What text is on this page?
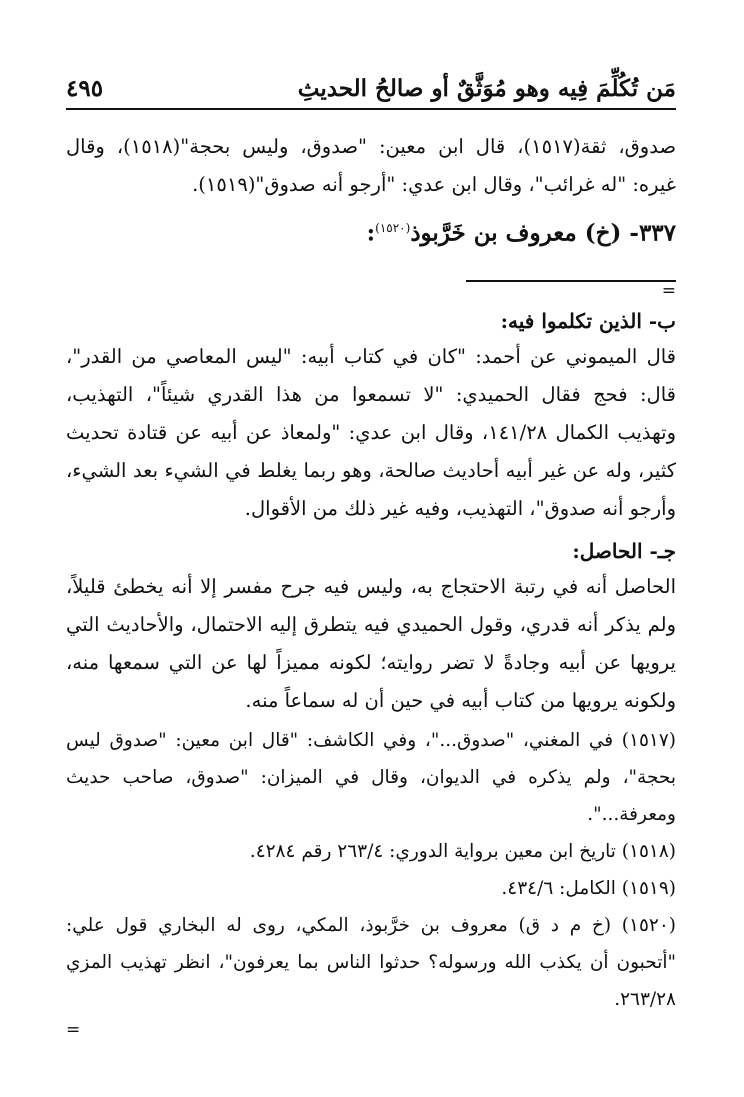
مَن تُكُلِّمَ فِيه وهو مُوَثَّقٌ أو صالحُ الحديثِ
٤٩٥

صدوق، ثقة(١٥١٧)، قال ابن معين: "صدوق، وليس بحجة"(١٥١٨)، وقال غيره: "له غرائب"، وقال ابن عدي: "أرجو أنه صدوق"(١٥١٩).

٣٣٧- (خ) معروف بن خَرَّبوذ$^{(١٥٢٠)}$:

=

ب- الذين تكلموا فيه:

قال الميموني عن أحمد: "كان في كتاب أبيه: "ليس المعاصي من القدر"، قال: فحج فقال الحميدي: "لا تسمعوا من هذا القدري شيئاً"، التهذيب، وتهذيب الكمال ١٤١/٢٨، وقال ابن عدي: "ولمعاذ عن أبيه عن قتادة تحديث كثير، وله عن غير أبيه أحاديث صالحة، وهو ربما يغلط في الشيء بعد الشيء، وأرجو أنه صدوق"، التهذيب، وفيه غير ذلك من الأقوال.

جـ- الحاصل:

الحاصل أنه في رتبة الاحتجاج به، وليس فيه جرح مفسر إلا أنه يخطئ قليلاً، ولم يذكر أنه قدري، وقول الحميدي فيه يتطرق إليه الاحتمال، والأحاديث التي يرويها عن أبيه وجادةً لا تضر روايته؛ لكونه مميزاً لها عن التي سمعها منه، ولكونه يرويها من كتاب أبيه في حين أن له سماعاً منه.

(١٥١٧) في المغني، "صدوق..."، وفي الكاشف: "قال ابن معين: "صدوق ليس بحجة"، ولم يذكره في الديوان، وقال في الميزان: "صدوق، صاحب حديث ومعرفة...".

(١٥١٨) تاريخ ابن معين برواية الدوري: ٢٦٣/٤ رقم ٤٢٨٤.

(١٥١٩) الكامل: ٤٣٤/٦.

(١٥٢٠) (خ م د ق) معروف بن خرَّبوذ، المكي، روى له البخاري قول علي: "أتحبون أن يكذب الله ورسوله؟ حدثوا الناس بما يعرفون"، انظر تهذيب المزي ٢٦٣/٢٨.

=
